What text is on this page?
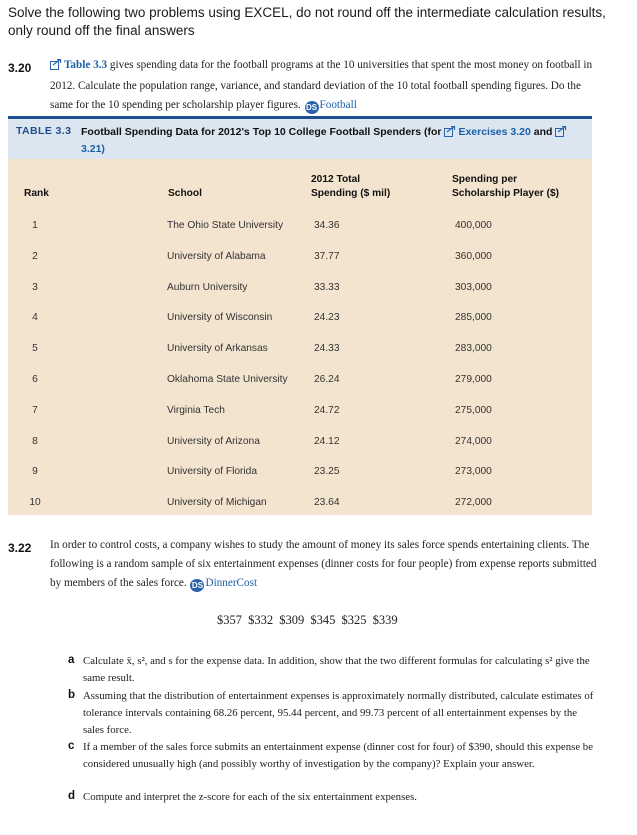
Solve the following two problems using EXCEL, do not round off the intermediate calculation results, only round off the final answers
3.20	Table 3.3 gives spending data for the football programs at the 10 universities that spent the most money on football in 2012. Calculate the population range, variance, and standard deviation of the 10 total football spending figures. Do the same for the 10 spending per scholarship player figures. DS Football
TABLE 3.3 Football Spending Data for 2012's Top 10 College Football Spenders (for Exercises 3.20 and 3.21)

Rank	School
2012 Total
Spending ($ mil)
Spending per
Scholarship Player ($)
1	The Ohio State University	34.36	400,000
2	University of Alabama	37.77	360,000
3	Auburn University	33.33	303,000
4	University of Wisconsin	24.23	285,000
5	University of Arkansas	24.33	283,000
6	Oklahoma State University	26.24	279,000
7	Virginia Tech	24.72	275,000
8	University of Arizona	24.12	274,000
9	University of Florida	23.25	273,000
10	University of Michigan	23.64	272,000
3.22 In order to control costs, a company wishes to study the amount of money its sales force spends entertaining clients. The following is a random sample of six entertainment expenses (dinner costs for four people) from expense reports submitted by members of the sales force. DS DinnerCost
$357 $332 $309 $345 $325 $339
a Calculate x̄, s², and s for the expense data. In addition, show that the two different formulas for calculating s² give the same result.
b Assuming that the distribution of entertainment expenses is approximately normally distributed, calculate estimates of tolerance intervals containing 68.26 percent, 95.44 percent, and 99.73 percent of all entertainment expenses by the sales force.
c If a member of the sales force submits an entertainment expense (dinner cost for four) of $390, should this expense be considered unusually high (and possibly worthy of investigation by the company)? Explain your answer.
d Compute and interpret the z-score for each of the six entertainment expenses.
